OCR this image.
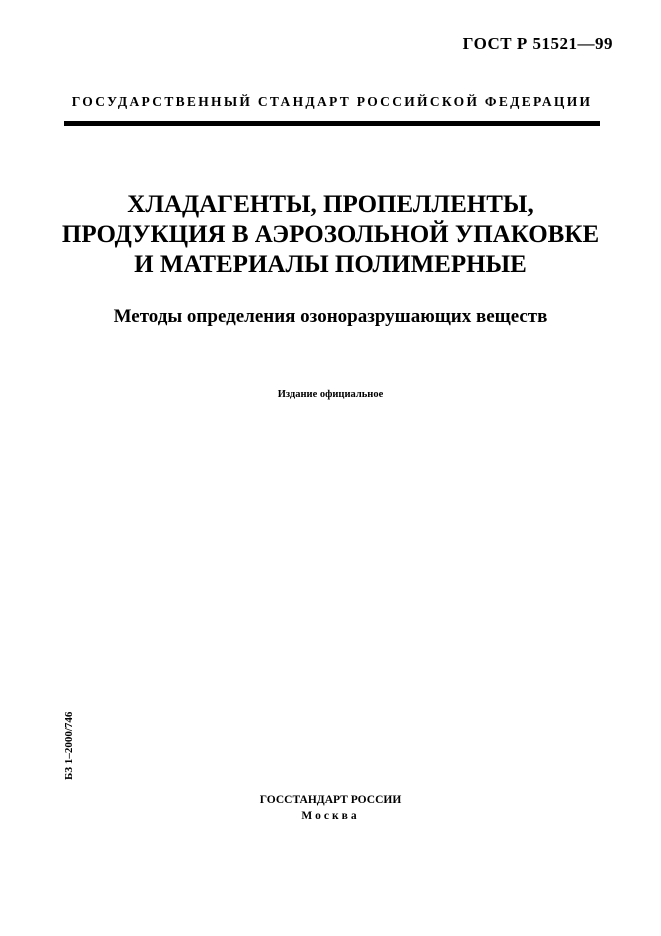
ГОСТ Р 51521—99
ГОСУДАРСТВЕННЫЙ СТАНДАРТ РОССИЙСКОЙ ФЕДЕРАЦИИ
ХЛАДАГЕНТЫ, ПРОПЕЛЛЕНТЫ,
ПРОДУКЦИЯ В АЭРОЗОЛЬНОЙ УПАКОВКЕ
И МАТЕРИАЛЫ ПОЛИМЕРНЫЕ
Методы определения озоноразрушающих веществ
Издание официальное
БЗ 1–2000/746
ГОССТАНДАРТ РОССИИ
Москва
